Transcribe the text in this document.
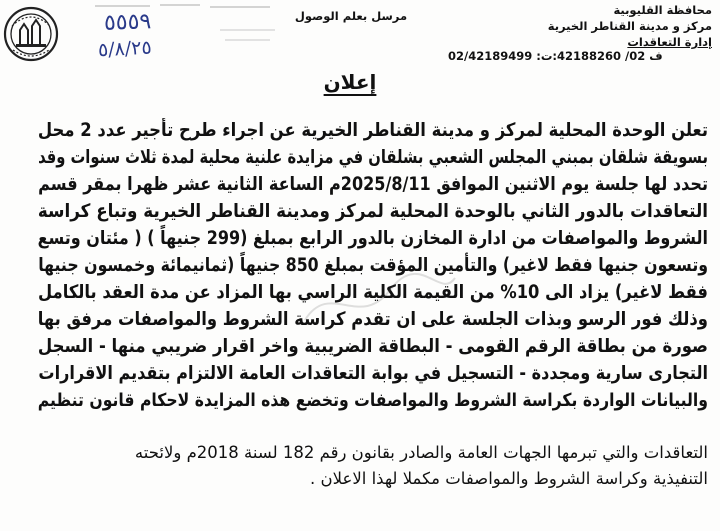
٥٥٥٩
٥/٨/٢٥
مرسل بعلم الوصول	محافظة القليوبية
مركز و مدينة القناطر الخيرية
إدارة التعاقدات
02/42189499 :ف 02/ 42188260:ت
إعلان
تعلن الوحدة المحلية لمركز و مدينة القناطر الخيرية عن اجراء طرح تأجير عدد 2 محل
بسويقة شلقان بمبني المجلس الشعبي بشلقان في مزايدة علنية محلية لمدة ثلاث سنوات وقد
تحدد لها جلسة يوم الاثنين الموافق 2025/8/11م الساعة الثانية عشر ظهرا بمقر قسم
التعاقدات بالدور الثاني بالوحدة المحلية لمركز ومدينة القناطر الخيرية وتباع كراسة
الشروط والمواصفات من ادارة المخازن بالدور الرابع بمبلغ (299 جنيهاً ) ( مئتان وتسع
وتسعون جنيها فقط لاغير) والتأمين المؤقت بمبلغ 850 جنيهاً (ثمانيمائة وخمسون جنيها
فقط لاغير) يزاد الى 10% من القيمة الكلية الراسي بها المزاد عن مدة العقد بالكامل
وذلك فور الرسو وبذات الجلسة على ان تقدم كراسة الشروط والمواصفات مرفق بها
صورة من بطاقة الرقم القومى - البطاقة الضريبية واخر اقرار ضريبي منها - السجل
التجارى سارية ومجددة - التسجيل في بوابة التعاقدات العامة الالتزام بتقديم الاقرارات
والبيانات الواردة بكراسة الشروط والمواصفات وتخضع هذه المزايدة لاحكام قانون تنظيم
التعاقدات والتي تبرمها الجهات العامة والصادر بقانون رقم 182 لسنة 2018م ولائحته
التنفيذية وكراسة الشروط والمواصفات مكملا لهذا الاعلان .
